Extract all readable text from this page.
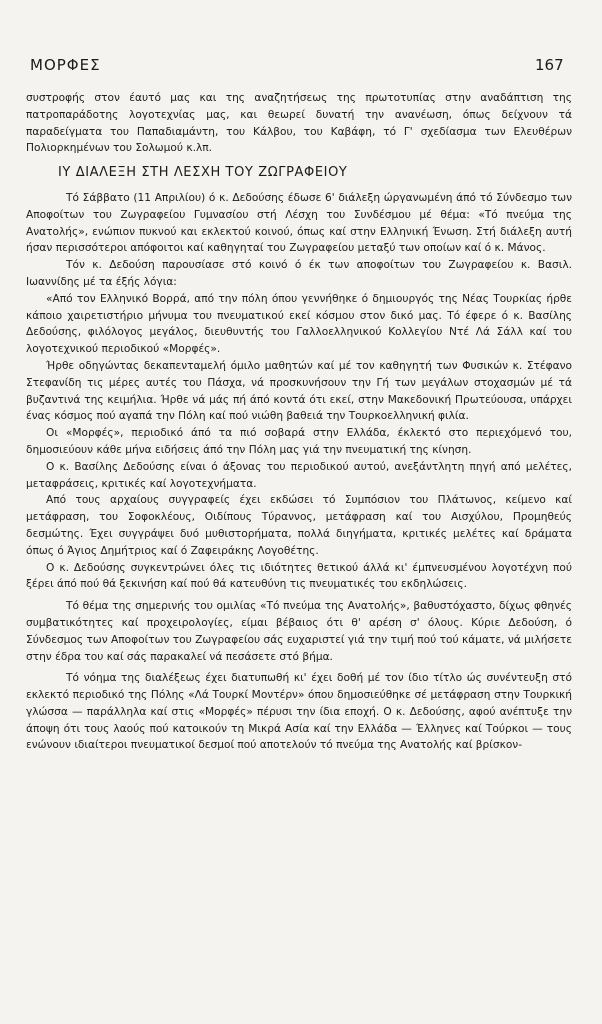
ΜΟΡΦΕΣ	167

συστροφής στον έαυτό μας και της αναζητήσεως της πρωτοτυπίας στην αναδάπτιση της πατροπαράδοτης λογοτεχνίας μας, και θεωρεί δυνατή την ανανέωση, όπως δείχνουν τά παραδείγματα του Παπαδιαμάντη, του Κάλβου, του Καβάφη, τό Γ' σχεδίασμα των Ελευθέρων Πολιορκημένων του Σολωμού κ.λπ.

ΙΥ ΔΙΑΛΕΞΗ ΣΤΗ ΛΕΣΧΗ ΤΟΥ ΖΩΓΡΑΦΕΙΟΥ

Τό Σάββατο (11 Απριλίου) ό κ. Δεδούσης έδωσε 6' διάλεξη ώργανωμένη άπό τό Σύνδεσμο των Αποφοίτων του Ζωγραφείου Γυμνασίου στή Λέσχη του Συνδέσμου μέ θέμα: «Τό πνεύμα της Ανατολής», ενώπιον πυκνού και εκλεκτού κοινού, όπως καί στην Ελληνική Ένωση. Στή διάλεξη αυτή ήσαν περισσότεροι απόφοιτοι καί καθηγηταί του Ζωγραφείου μεταξύ των οποίων καί ό κ. Μάνος.

Τόν κ. Δεδούση παρουσίασε στό κοινό ό έκ των αποφοίτων του Ζωγραφείου κ. Βασιλ. Ιωαννίδης μέ τα έξής λόγια:

«Από τον Ελληνικό Βορρά, από την πόλη όπου γεννήθηκε ό δημιουργός της Νέας Τουρκίας ήρθε κάποιο χαιρετιστήριο μήνυμα του πνευματικού εκεί κόσμου στον δικό μας. Τό έφερε ό κ. Βασίλης Δεδούσης, φιλόλογος μεγάλος, διευθυντής του Γαλλοελληνικού Κολλεγίου Ντέ Λά Σάλλ καί του λογοτεχνικού περιοδικού «Μορφές».

Ήρθε οδηγώντας δεκαπενταμελή όμιλο μαθητών καί μέ τον καθηγητή των Φυσικών κ. Στέφανο Στεφανίδη τις μέρες αυτές του Πάσχα, νά προσκυνήσουν την Γή των μεγάλων στοχασμών μέ τά βυζαντινά της κειμήλια. Ήρθε νά μάς πή άπό κοντά ότι εκεί, στην Μακεδονική Πρωτεύουσα, υπάρχει ένας κόσμος πού αγαπά την Πόλη καί πού νιώθη βαθειά την Τουρκοελληνική φιλία.

Οι «Μορφές», περιοδικό άπό τα πιό σοβαρά στην Ελλάδα, έκλεκτό στο περιεχόμενό του, δημοσιεύουν κάθε μήνα ειδήσεις άπό την Πόλη μας γιά την πνευματική της κίνηση.

Ο κ. Βασίλης Δεδούσης είναι ό άξονας του περιοδικού αυτού, ανεξάντλητη πηγή από μελέτες, μεταφράσεις, κριτικές καί λογοτεχνήματα.

Από τους αρχαίους συγγραφείς έχει εκδώσει τό Συμπόσιον του Πλάτωνος, κείμενο καί μετάφραση, του Σοφοκλέους, Οιδίπους Τύραννος, μετάφραση καί του Αισχύλου, Προμηθεύς δεσμώτης. Έχει συγγράψει δυό μυθιστορήματα, πολλά διηγήματα, κριτικές μελέτες καί δράματα όπως ό Άγιος Δημήτριος καί ό Ζαφειράκης Λογοθέτης.

Ο κ. Δεδούσης συγκεντρώνει όλες τις ιδιότητες θετικού άλλά κι' έμπνευσμένου λογοτέχνη πού ξέρει άπό πού θά ξεκινήση καί πού θά κατευθύνη τις πνευματικές του εκδηλώσεις.

Τό θέμα της σημερινής του ομιλίας «Τό πνεύμα της Ανατολής», βαθυστόχαστο, δίχως φθηνές συμβατικότητες καί προχειρολογίες, είμαι βέβαιος ότι θ' αρέση σ' όλους. Κύριε Δεδούση, ό Σύνδεσμος των Αποφοίτων του Ζωγραφείου σάς ευχαριστεί γιά την τιμή πού τού κάματε, νά μιλήσετε στην έδρα του καί σάς παρακαλεί νά πεσάσετε στό βήμα.

Τό νόημα της διαλέξεως έχει διατυπωθή κι' έχει δοθή μέ τον ίδιο τίτλο ώς συνέντευξη στό εκλεκτό περιοδικό της Πόλης «Λά Τουρκί Μοντέρν» όπου δημοσιεύθηκε σέ μετάφραση στην Τουρκική γλώσσα — παράλληλα καί στις «Μορφές» πέρυσι την ίδια εποχή. Ο κ. Δεδούσης, αφού ανέπτυξε την άποψη ότι τους λαούς πού κατοικούν τη Μικρά Ασία καί την Ελλάδα — Έλληνες καί Τούρκοι — τους ενώνουν ιδιαίτεροι πνευματικοί δεσμοί πού αποτελούν τό πνεύμα της Ανατολής καί βρίσκον-
